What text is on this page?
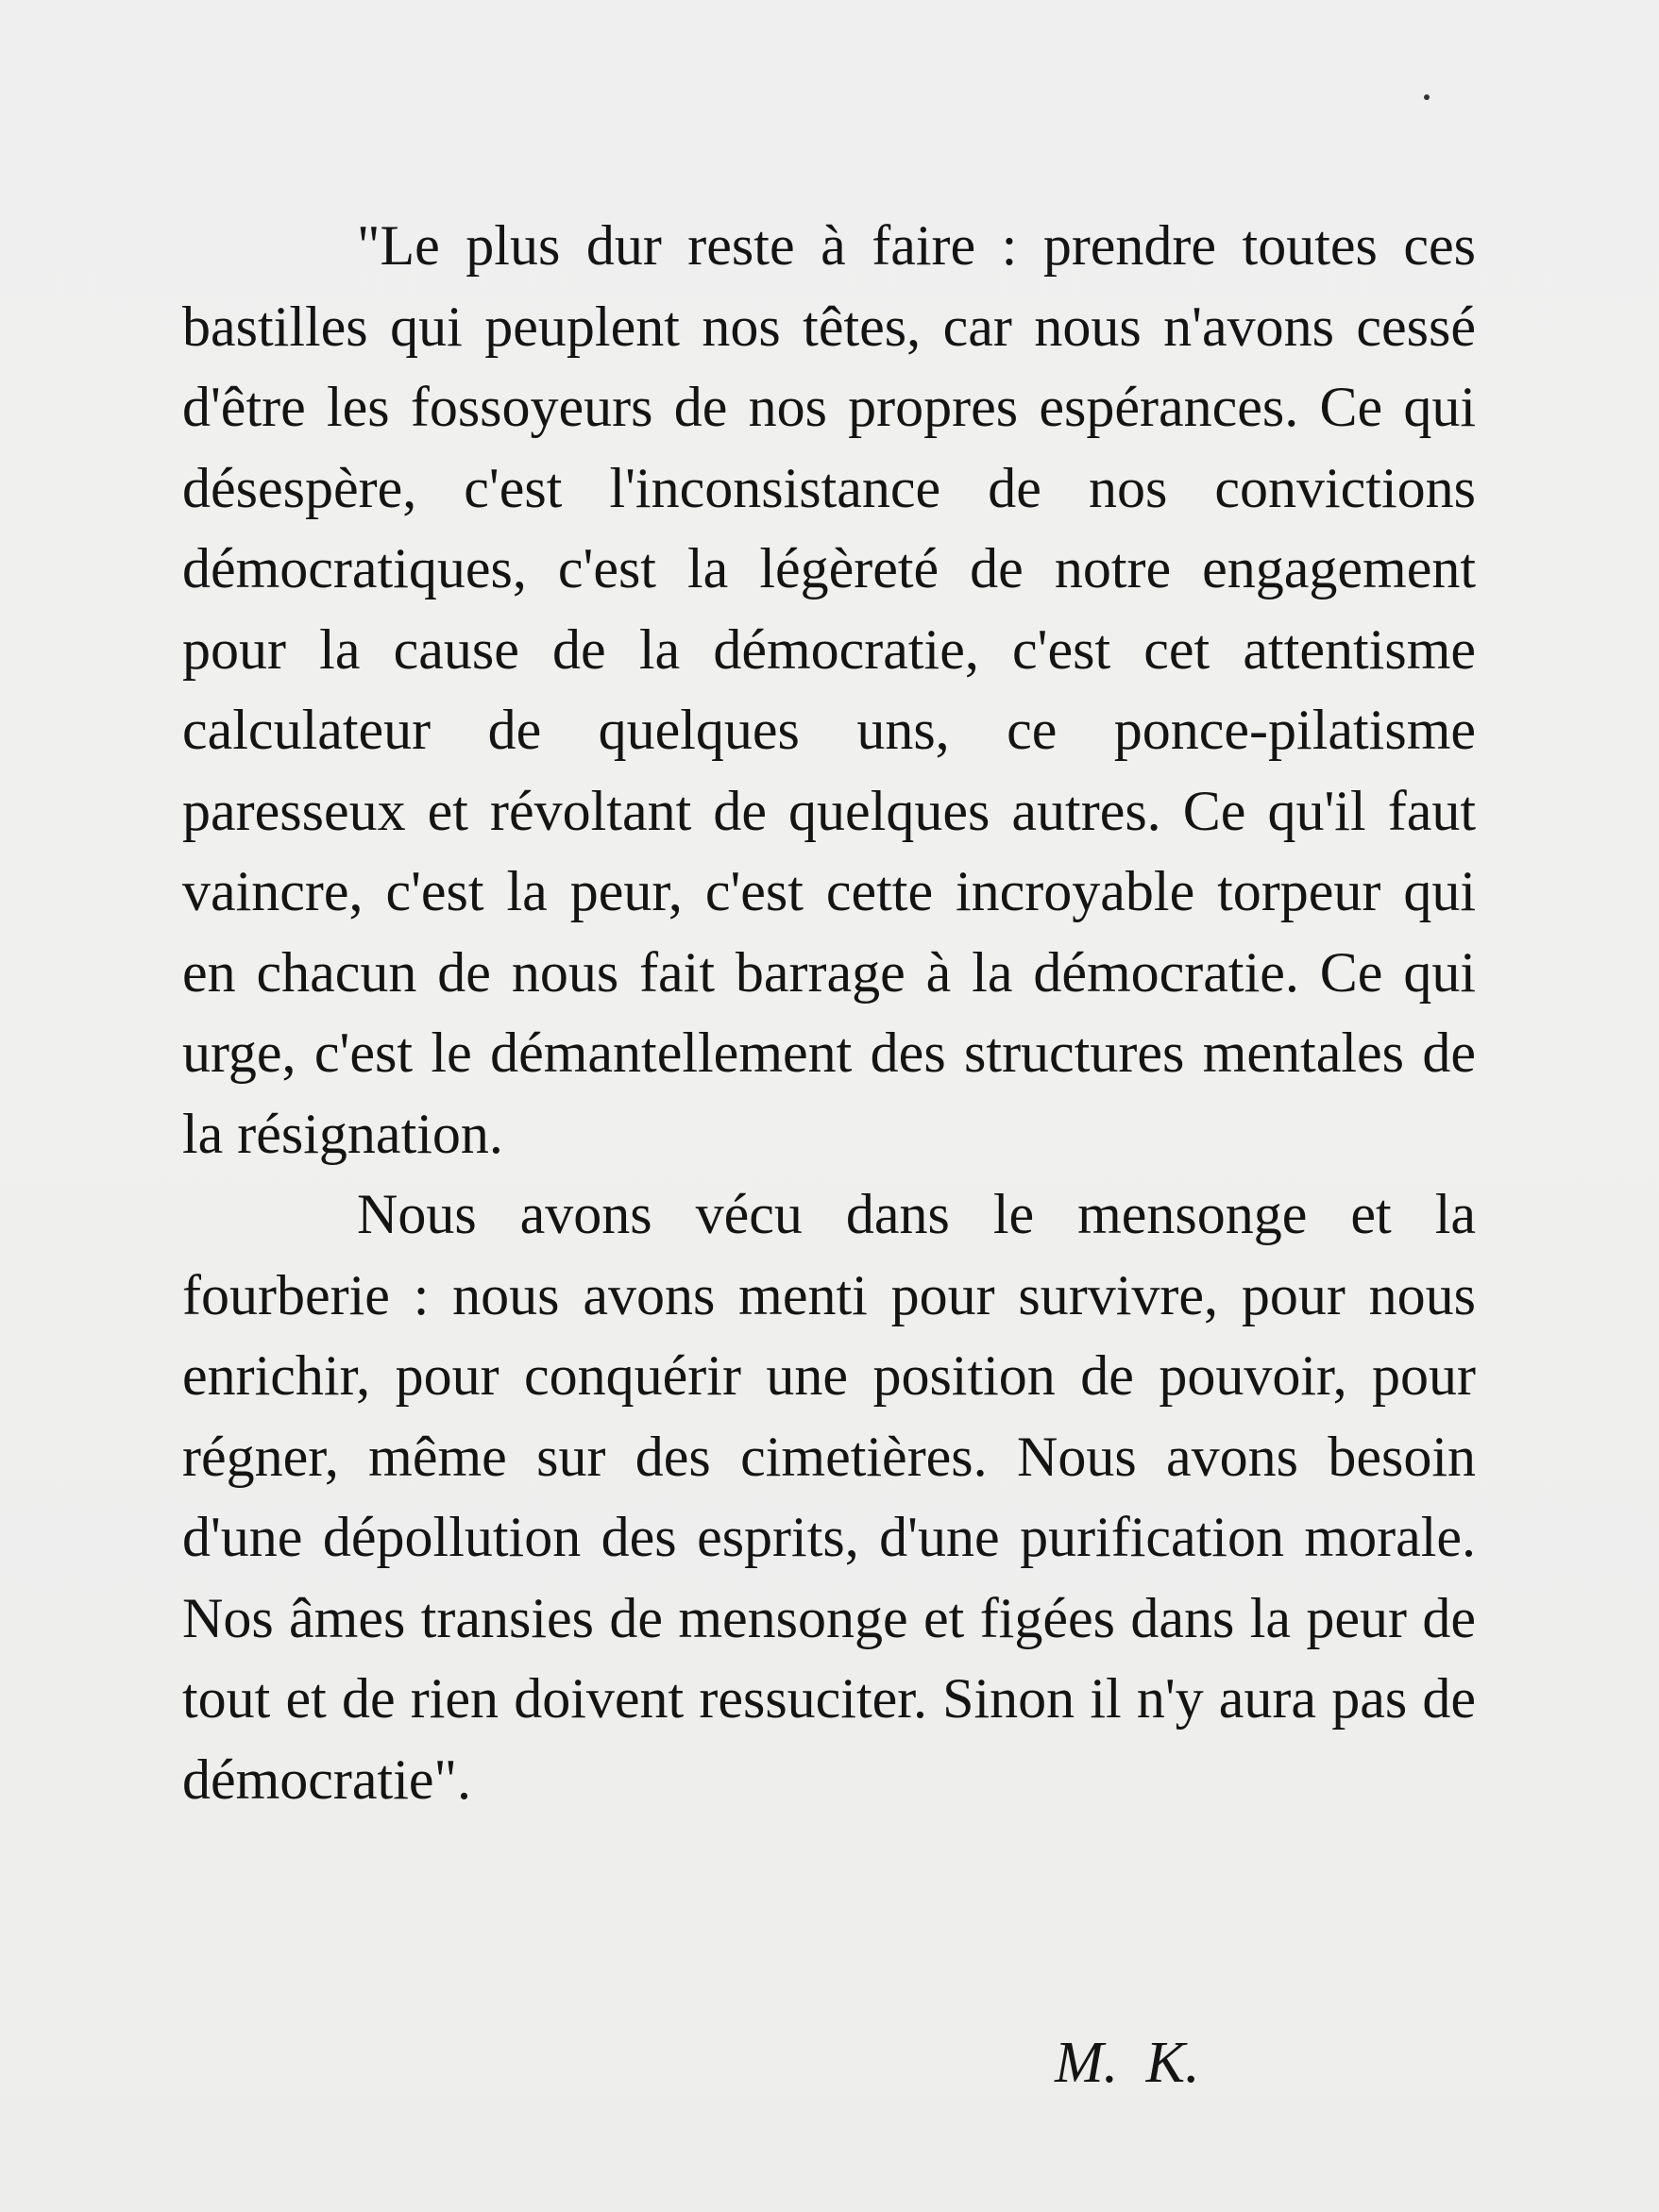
"Le plus dur reste à faire : prendre toutes ces bastilles qui peuplent nos têtes, car nous n'avons cessé d'être les fossoyeurs de nos propres espérances. Ce qui désespère, c'est l'inconsistance de nos convictions démocratiques, c'est la légèreté de notre engagement pour la cause de la démocratie, c'est cet attentisme calculateur de quelques uns, ce ponce-pilatisme paresseux et révoltant de quelques autres. Ce qu'il faut vaincre, c'est la peur, c'est cette incroyable torpeur qui en chacun de nous fait barrage à la démocratie. Ce qui urge, c'est le démantellement des structures mentales de la résignation.

Nous avons vécu dans le mensonge et la fourberie : nous avons menti pour survivre, pour nous enrichir, pour conquérir une position de pouvoir, pour régner, même sur des cimetières. Nous avons besoin d'une dépollution des esprits, d'une purification morale. Nos âmes transies de mensonge et figées dans la peur de tout et de rien doivent ressuciter. Sinon il n'y aura pas de démocratie".

M. K.
